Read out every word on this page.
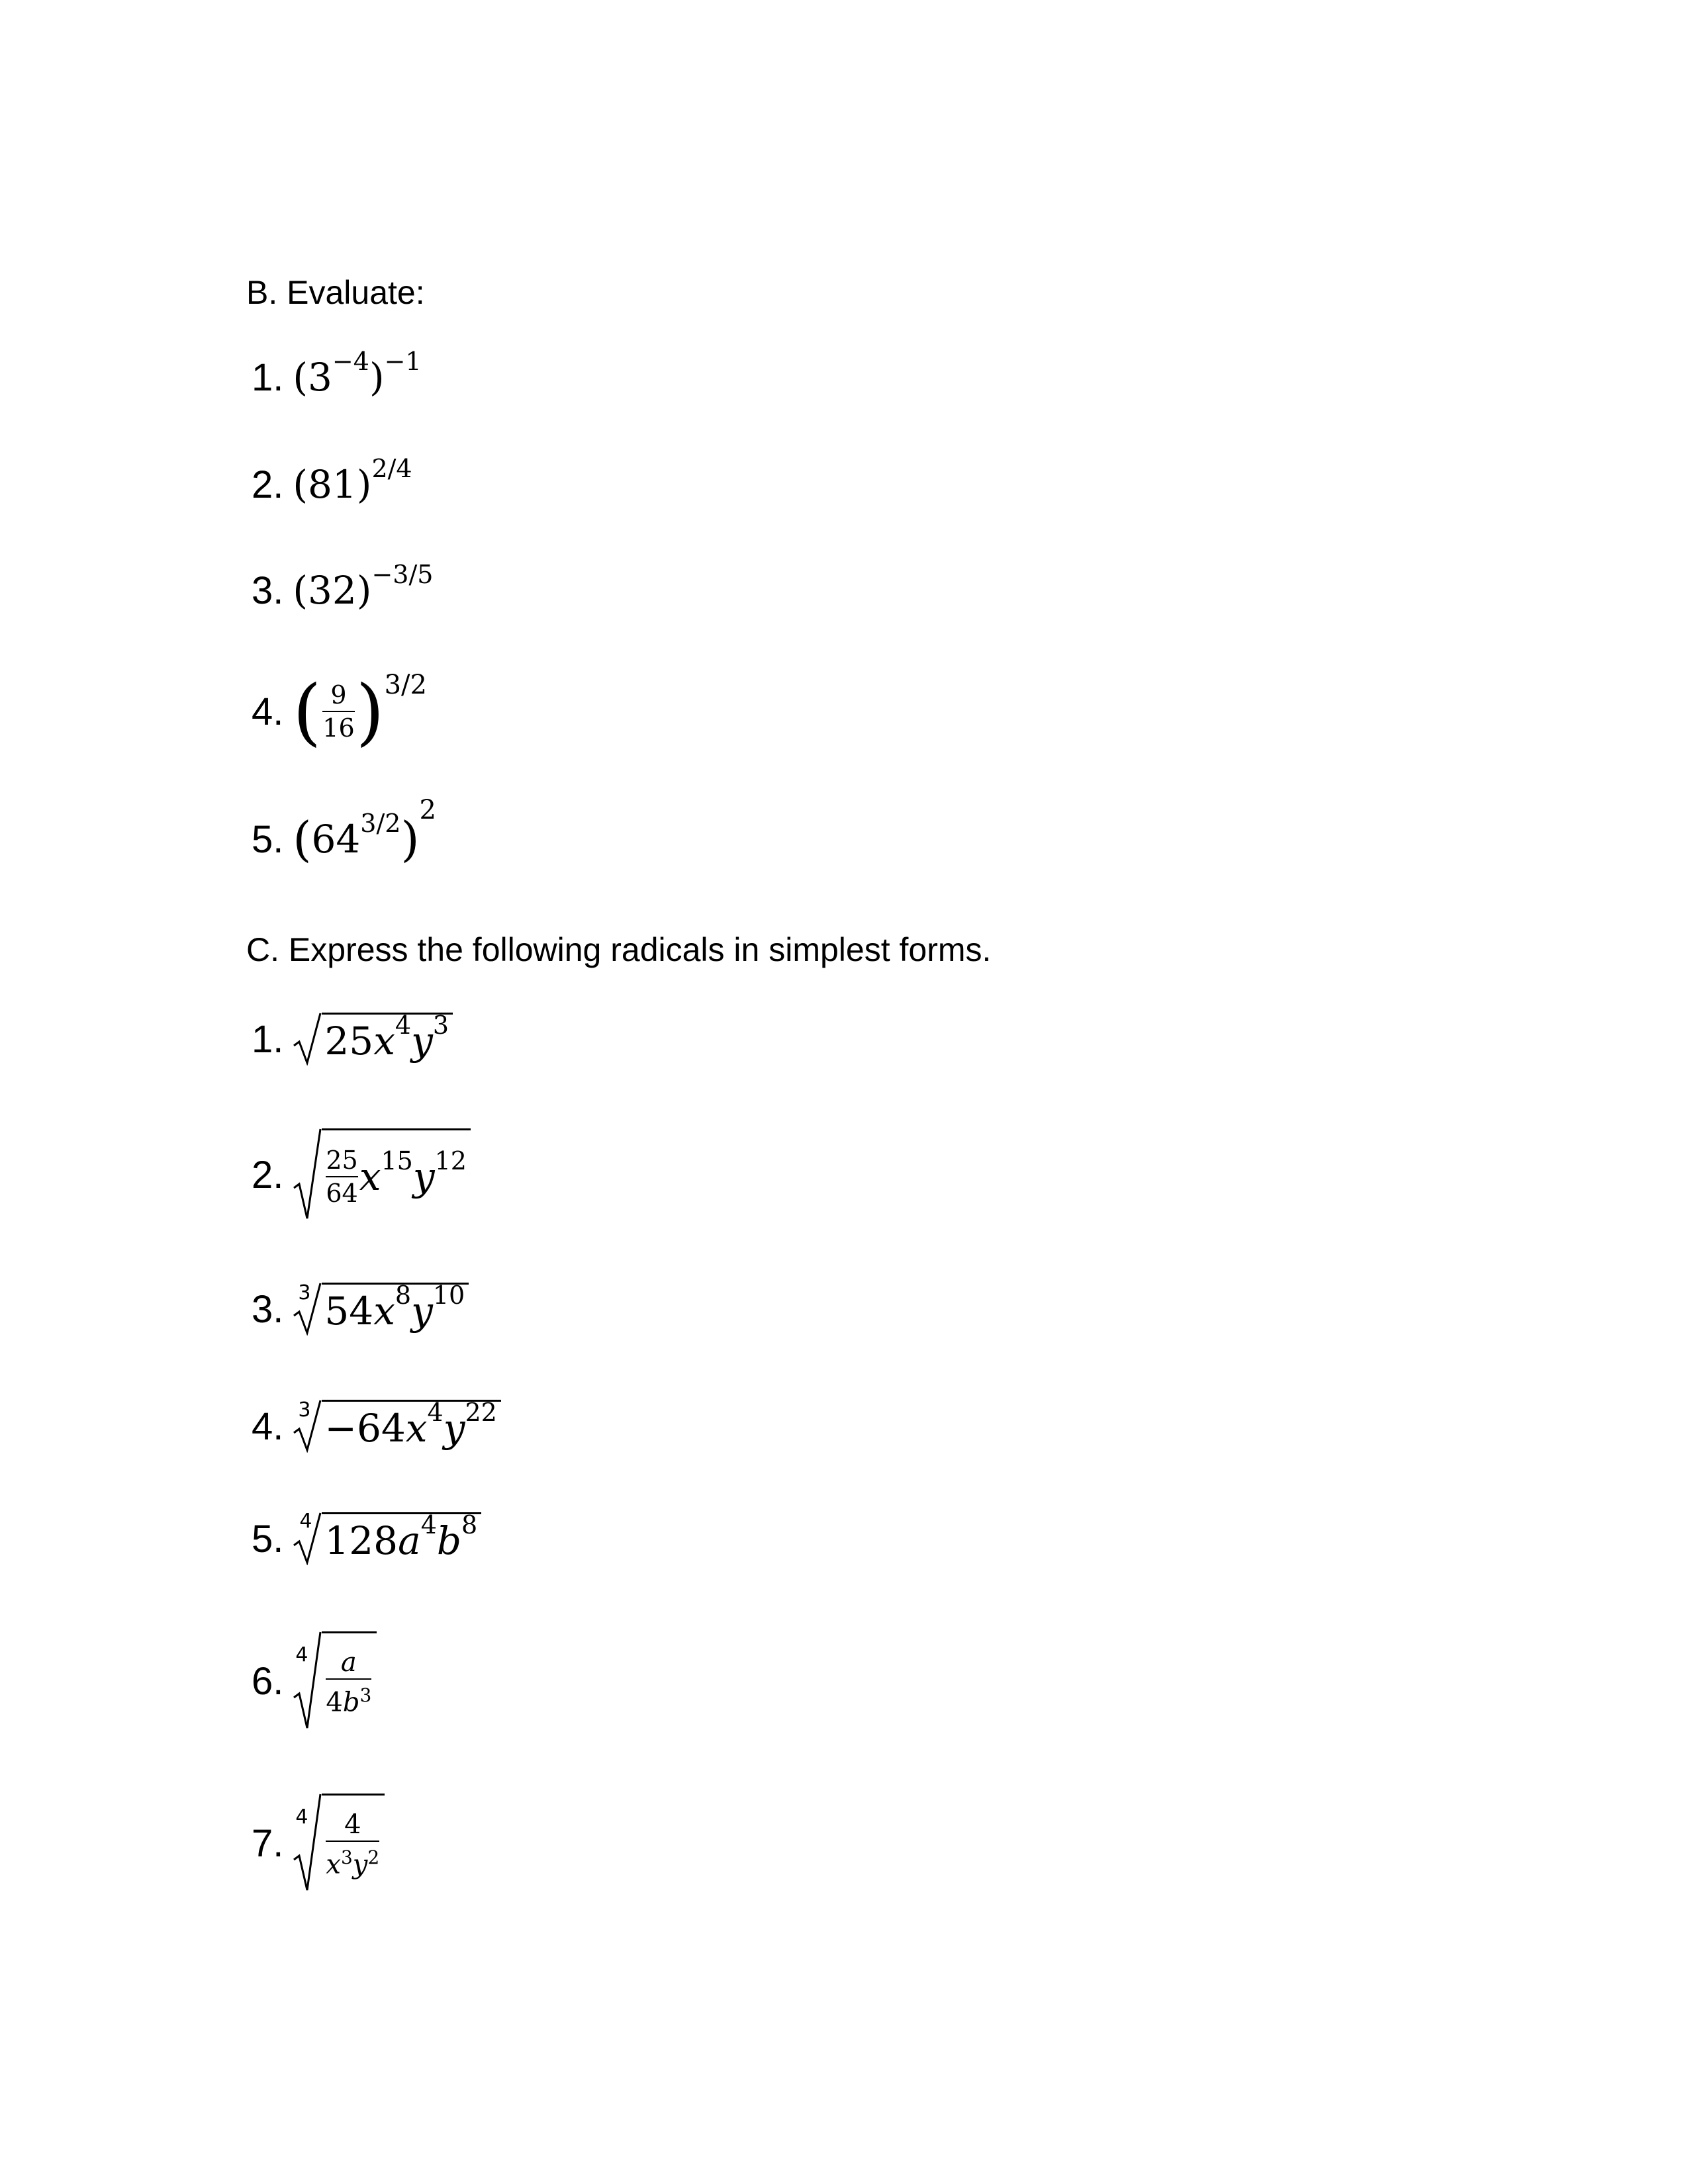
B. Evaluate:
1. (3 −4 ) −1
2. (81) 2/4
3. (32) −3/5
4. ( $\frac{9}{16}$ ) 3/2
5. ( 64 3/2 )
2
C. Express the following radicals in simplest forms.
1. 25 x 4 y 3
2. $\frac{25}{64}$ x 15 y 12
3. 3 54 x 8 y 10
4. 3 −64 x 4 y 22
5. 4 128 a 4 b 8
6.
$4 \frac{a}{4b^3}$
7.
$4 \frac{4}{x^3y^2}$
